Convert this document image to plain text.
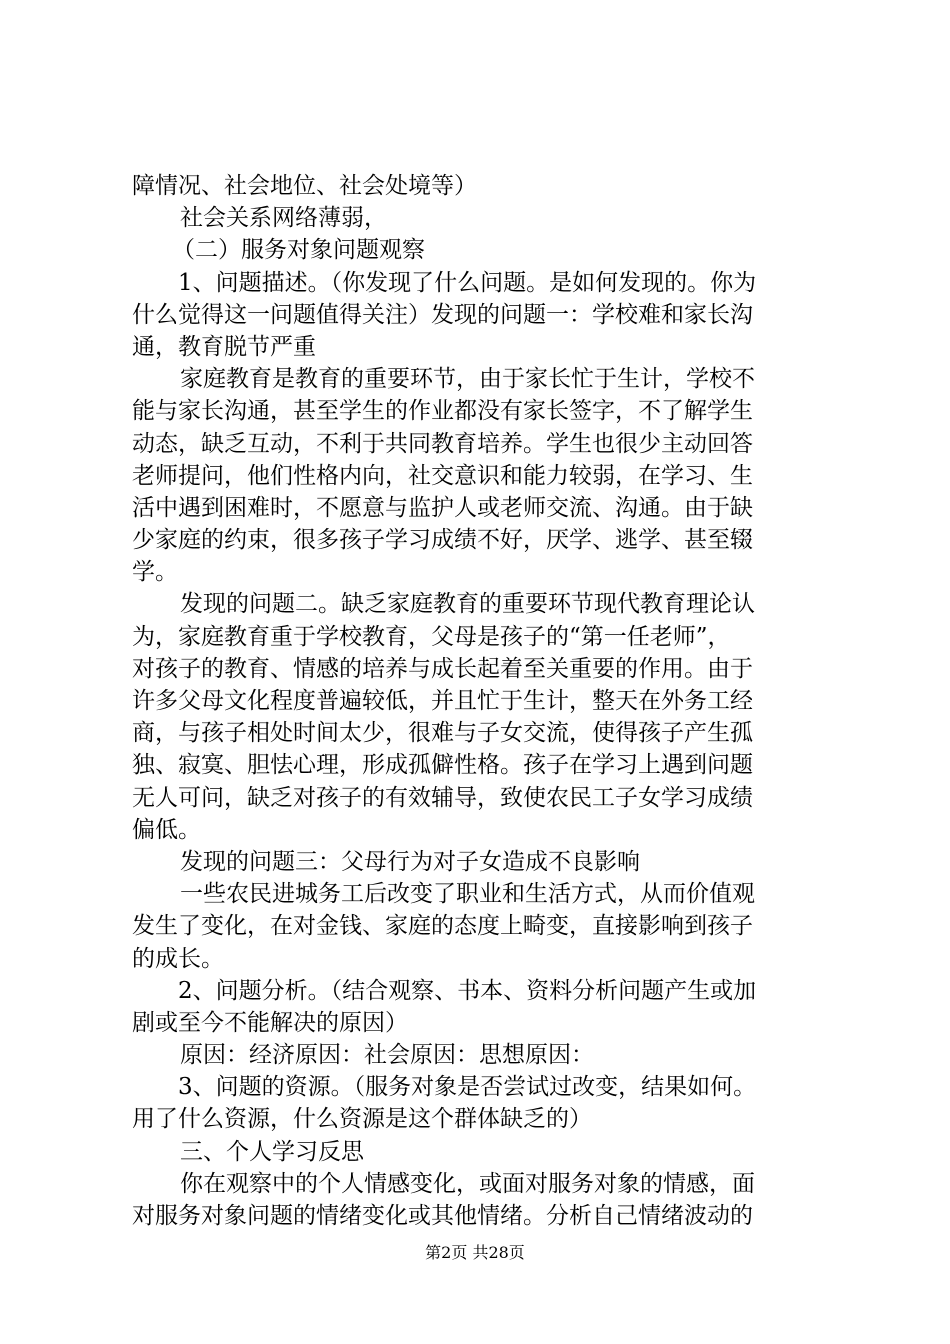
障情况、社会地位、社会处境等）
社会关系网络薄弱，
（二）服务对象问题观察
1、问题描述。（你发现了什么问题。是如何发现的。你为
什么觉得这一问题值得关注）发现的问题一：学校难和家长沟
通，教育脱节严重
家庭教育是教育的重要环节，由于家长忙于生计，学校不
能与家长沟通，甚至学生的作业都没有家长签字，不了解学生
动态，缺乏互动，不利于共同教育培养。学生也很少主动回答
老师提问，他们性格内向，社交意识和能力较弱，在学习、生
活中遇到困难时，不愿意与监护人或老师交流、沟通。由于缺
少家庭的约束，很多孩子学习成绩不好，厌学、逃学、甚至辍
学。
发现的问题二。缺乏家庭教育的重要环节现代教育理论认
为，家庭教育重于学校教育，父母是孩子的“第一任老师”，
对孩子的教育、情感的培养与成长起着至关重要的作用。由于
许多父母文化程度普遍较低，并且忙于生计，整天在外务工经
商，与孩子相处时间太少，很难与子女交流，使得孩子产生孤
独、寂寞、胆怯心理，形成孤僻性格。孩子在学习上遇到问题
无人可问，缺乏对孩子的有效辅导，致使农民工子女学习成绩
偏低。
发现的问题三：父母行为对子女造成不良影响
一些农民进城务工后改变了职业和生活方式，从而价值观
发生了变化，在对金钱、家庭的态度上畸变，直接影响到孩子
的成长。
2、问题分析。（结合观察、书本、资料分析问题产生或加
剧或至今不能解决的原因）
原因：经济原因：社会原因：思想原因：
3、问题的资源。（服务对象是否尝试过改变，结果如何。
用了什么资源，什么资源是这个群体缺乏的）
三、个人学习反思
你在观察中的个人情感变化，或面对服务对象的情感，面
对服务对象问题的情绪变化或其他情绪。分析自己情绪波动的
第2页 共28页
